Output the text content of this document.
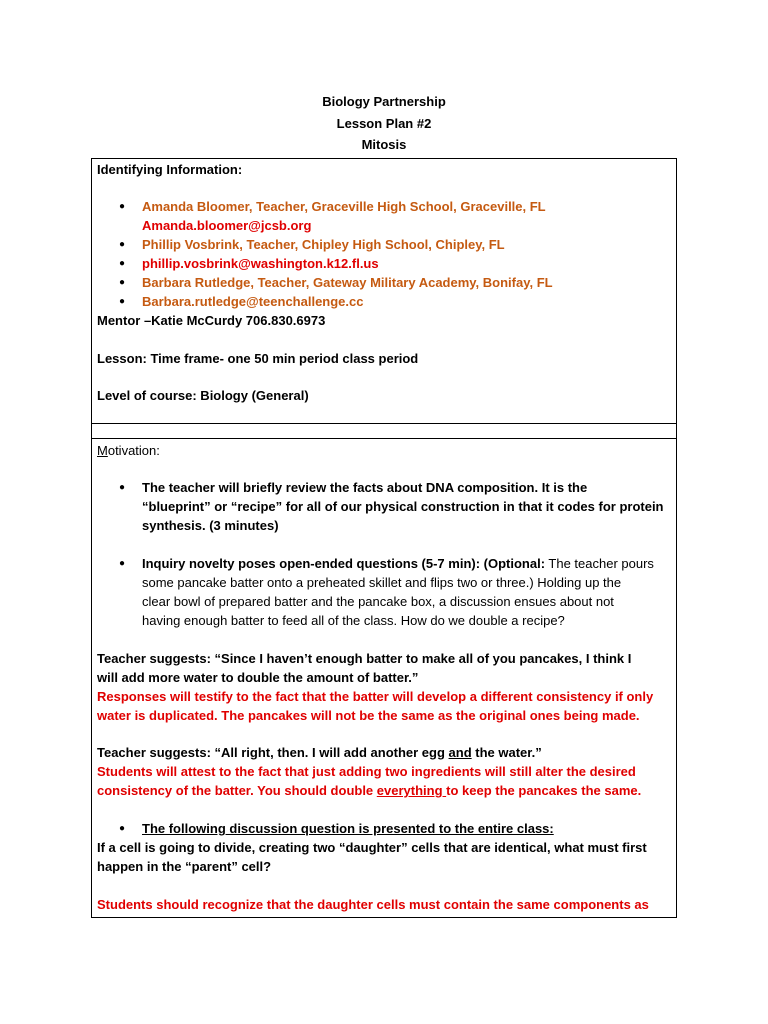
Biology Partnership
Lesson Plan #2
Mitosis
Identifying Information:
● Amanda Bloomer, Teacher, Graceville High School, Graceville, FL
Amanda.bloomer@jcsb.org
● Phillip Vosbrink, Teacher, Chipley High School, Chipley, FL
● phillip.vosbrink@washington.k12.fl.us
● Barbara Rutledge, Teacher, Gateway Military Academy, Bonifay, FL
● Barbara.rutledge@teenchallenge.cc
Mentor –Katie McCurdy 706.830.6973
Lesson: Time frame- one 50 min period class period
Level of course: Biology (General)
Motivation:
● The teacher will briefly review the facts about DNA composition. It is the
“blueprint” or “recipe” for all of our physical construction in that it codes for protein
synthesis. (3 minutes)
● Inquiry novelty poses open-ended questions (5-7 min): (Optional: The teacher pours
some pancake batter onto a preheated skillet and flips two or three.) Holding up the
clear bowl of prepared batter and the pancake box, a discussion ensues about not
having enough batter to feed all of the class. How do we double a recipe?
Teacher suggests: “Since I haven’t enough batter to make all of you pancakes, I think I
will add more water to double the amount of batter.”
Responses will testify to the fact that the batter will develop a different consistency if only
water is duplicated. The pancakes will not be the same as the original ones being made.
Teacher suggests: “All right, then. I will add another egg and the water.”
Students will attest to the fact that just adding two ingredients will still alter the desired
consistency of the batter. You should double everything to keep the pancakes the same.
● The following discussion question is presented to the entire class:
If a cell is going to divide, creating two “daughter” cells that are identical, what must first
happen in the “parent” cell?
Students should recognize that the daughter cells must contain the same components as
